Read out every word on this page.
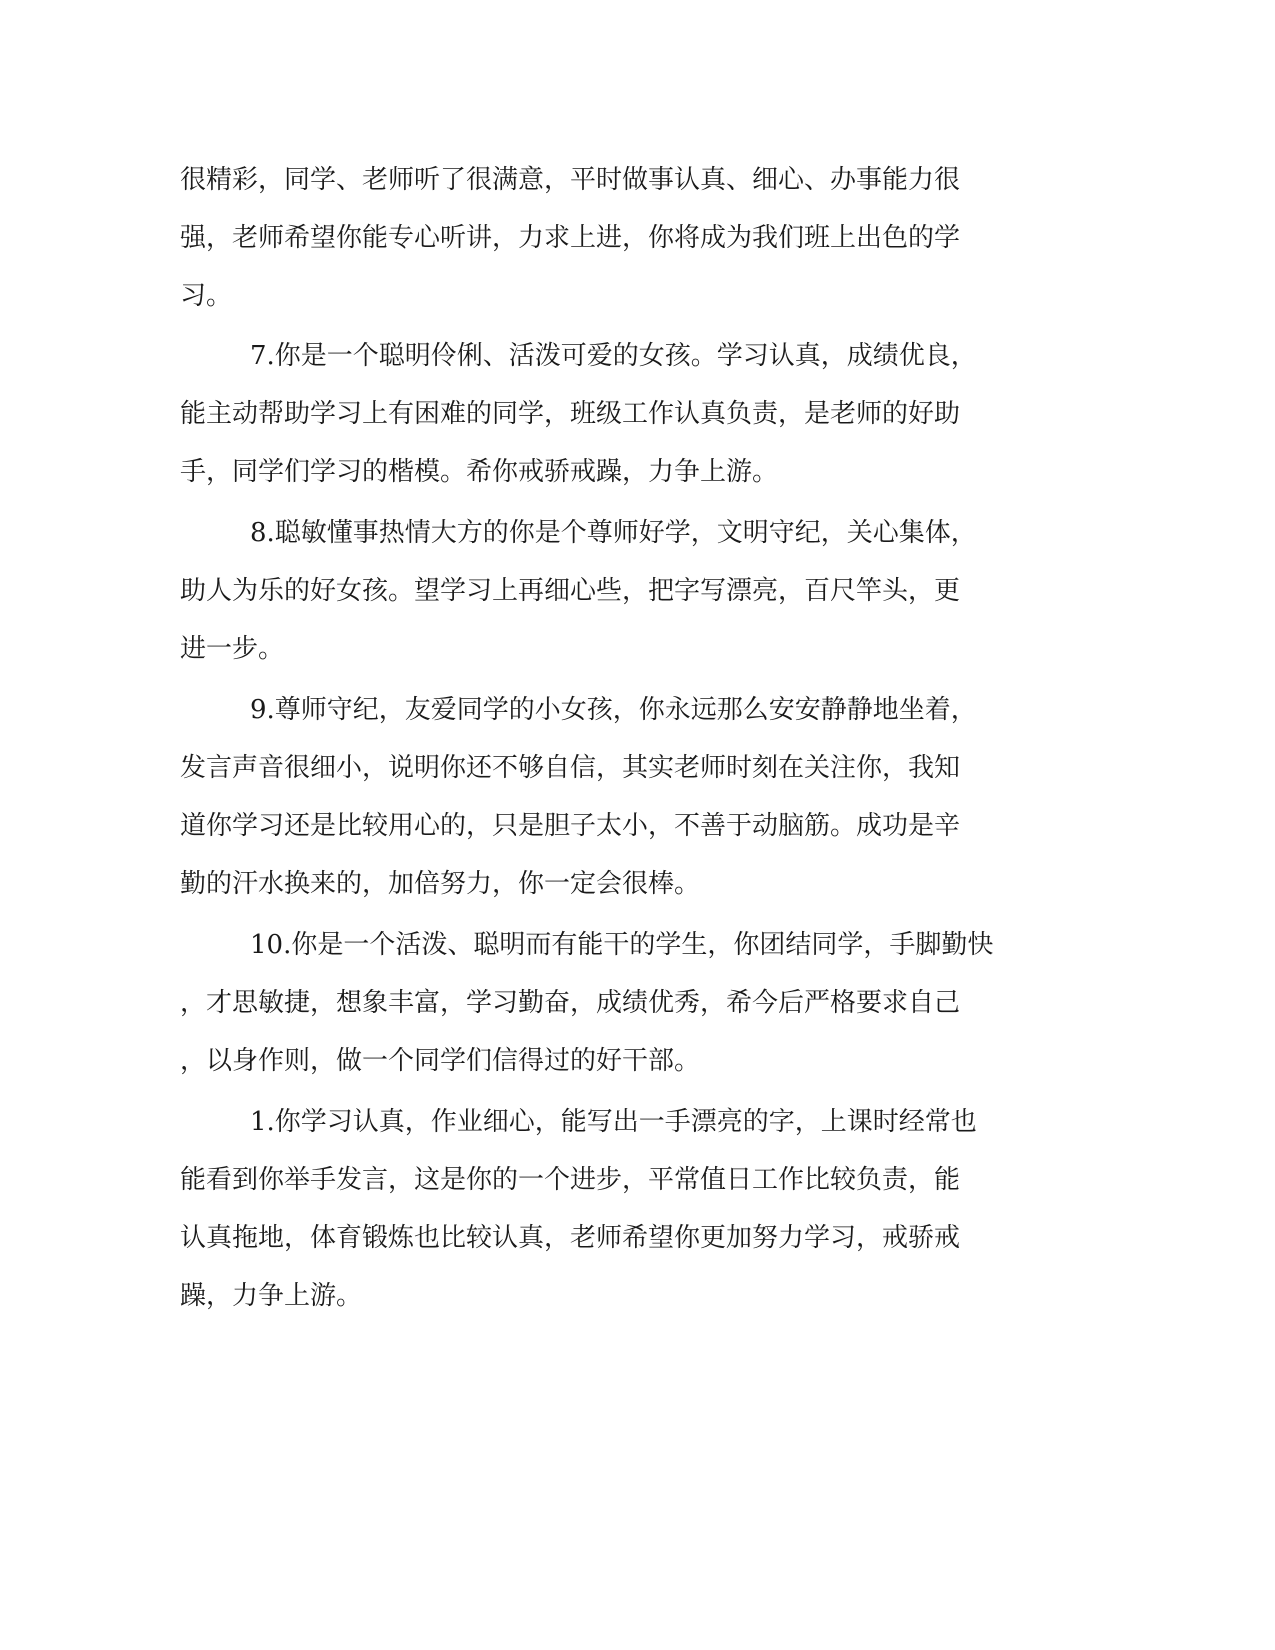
很精彩，同学、老师听了很满意，平时做事认真、细心、办事能力很
强，老师希望你能专心听讲，力求上进，你将成为我们班上出色的学
习。
7.你是一个聪明伶俐、活泼可爱的女孩。学习认真，成绩优良，
能主动帮助学习上有困难的同学，班级工作认真负责，是老师的好助
手，同学们学习的楷模。希你戒骄戒躁，力争上游。
8.聪敏懂事热情大方的你是个尊师好学，文明守纪，关心集体，
助人为乐的好女孩。望学习上再细心些，把字写漂亮，百尺竿头，更
进一步。
9.尊师守纪，友爱同学的小女孩，你永远那么安安静静地坐着，
发言声音很细小，说明你还不够自信，其实老师时刻在关注你，我知
道你学习还是比较用心的，只是胆子太小，不善于动脑筋。成功是辛
勤的汗水换来的，加倍努力，你一定会很棒。
10.你是一个活泼、聪明而有能干的学生，你团结同学，手脚勤快
，才思敏捷，想象丰富，学习勤奋，成绩优秀，希今后严格要求自己
，以身作则，做一个同学们信得过的好干部。
1.你学习认真，作业细心，能写出一手漂亮的字，上课时经常也
能看到你举手发言，这是你的一个进步，平常值日工作比较负责，能
认真拖地，体育锻炼也比较认真，老师希望你更加努力学习，戒骄戒
躁，力争上游。
